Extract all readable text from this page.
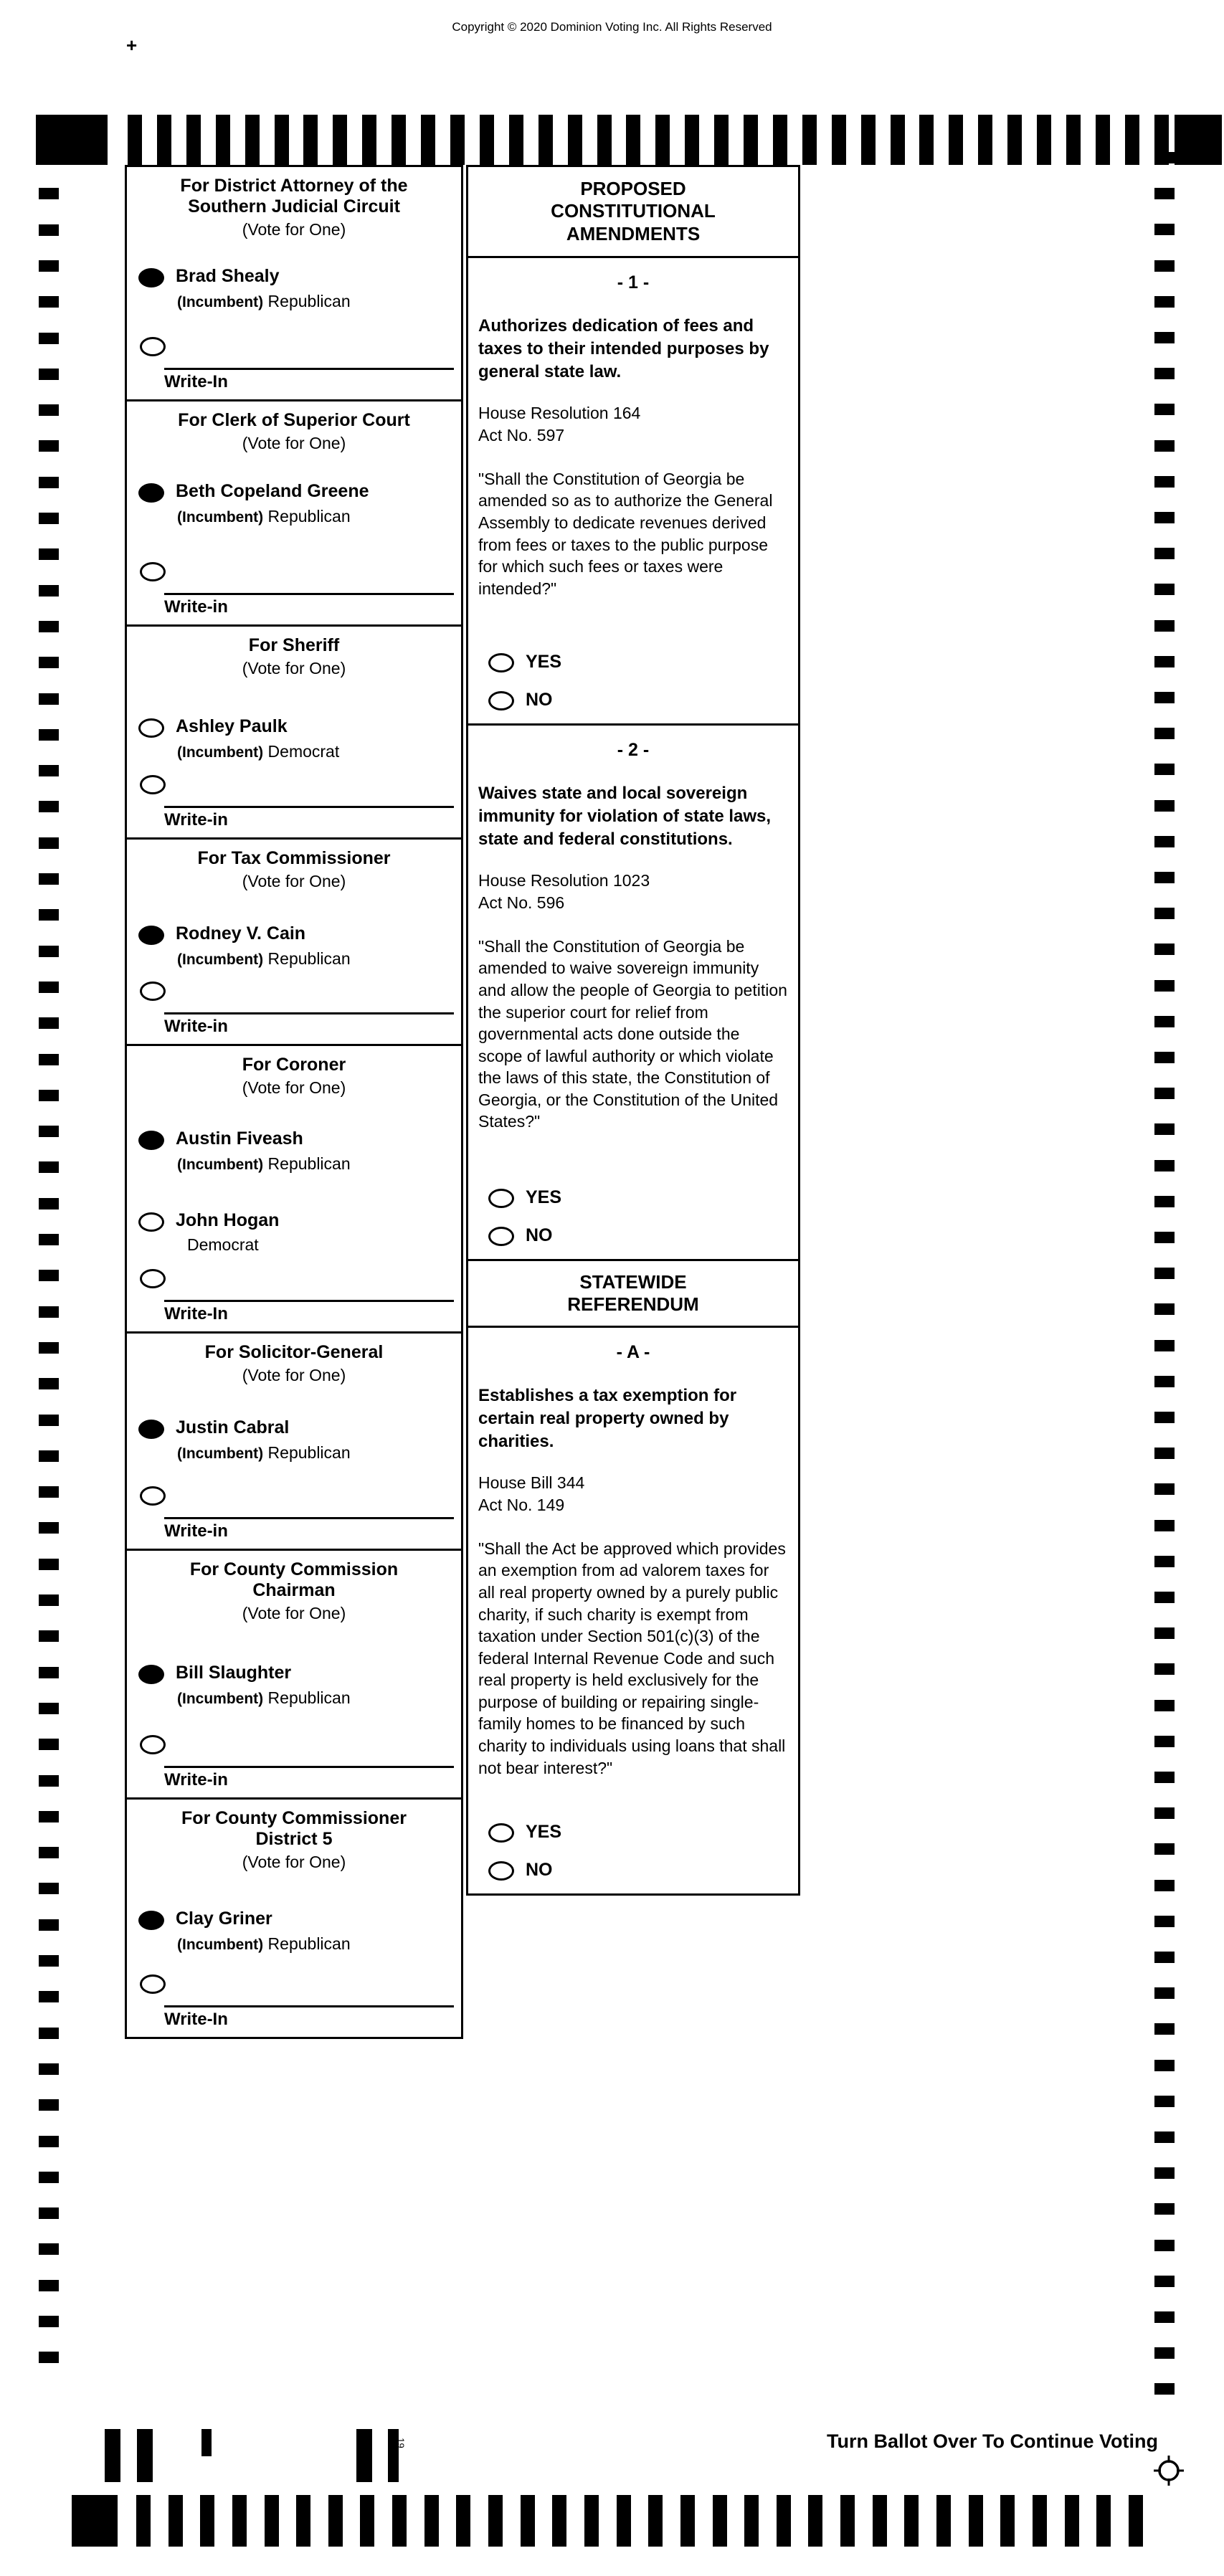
Copyright © 2020 Dominion Voting Inc. All Rights Reserved
+
For District Attorney of the
Southern Judicial Circuit
(Vote for One)
Brad Shealy
(Incumbent) Republican
Write-In
For Clerk of Superior Court
(Vote for One)
Beth Copeland Greene
(Incumbent) Republican
Write-in
For Sheriff
(Vote for One)
Ashley Paulk
(Incumbent) Democrat
Write-in
For Tax Commissioner
(Vote for One)
Rodney V. Cain
(Incumbent) Republican
Write-in
For Coroner
(Vote for One)
Austin Fiveash
(Incumbent) Republican
John Hogan
Democrat
Write-In
For Solicitor-General
(Vote for One)
Justin Cabral
(Incumbent) Republican
Write-in
For County Commission
Chairman
(Vote for One)
Bill Slaughter
(Incumbent) Republican
Write-in
For County Commissioner
District 5
(Vote for One)
Clay Griner
(Incumbent) Republican
Write-In
PROPOSED
CONSTITUTIONAL
AMENDMENTS
- 1 -
Authorizes dedication of fees and taxes to their intended purposes by general state law.
House Resolution 164
Act No. 597
"Shall the Constitution of Georgia be amended so as to authorize the General Assembly to dedicate revenues derived from fees or taxes to the public purpose for which such fees or taxes were intended?"
YES
NO
- 2 -
Waives state and local sovereign immunity for violation of state laws, state and federal constitutions.
House Resolution 1023
Act No. 596
"Shall the Constitution of Georgia be amended to waive sovereign immunity and allow the people of Georgia to petition the superior court for relief from governmental acts done outside the scope of lawful authority or which violate the laws of this state, the Constitution of Georgia, or the Constitution of the United States?"
YES
NO
STATEWIDE
REFERENDUM
- A -
Establishes a tax exemption for certain real property owned by charities.
House Bill 344
Act No. 149
"Shall the Act be approved which provides an exemption from ad valorem taxes for all real property owned by a purely public charity, if such charity is exempt from taxation under Section 501(c)(3) of the federal Internal Revenue Code and such real property is held exclusively for the purpose of building or repairing single-family homes to be financed by such charity to individuals using loans that shall not bear interest?"
YES
NO
19	Turn Ballot Over To Continue Voting
